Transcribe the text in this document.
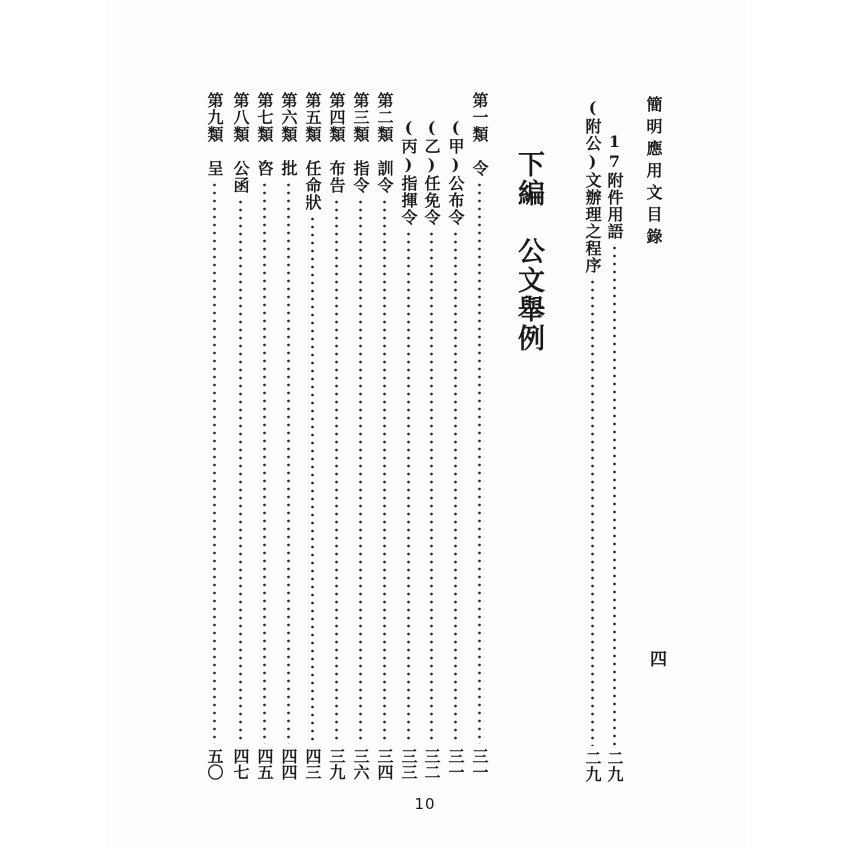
簡明應用文目錄
四
17附件用語
二九
(附公)文辦理之程序
二九
下編　公文舉例
第一類　令
三一
(甲)公布令
三一
(乙)任免令
三二
(丙)指揮令
三三
第二類　訓令
三四
第三類　指令
三六
第四類　布告
三九
第五類　任命狀
四三
第六類　批
四四
第七類　咨
四五
第八類　公函
四七
第九類　呈
五〇
10
